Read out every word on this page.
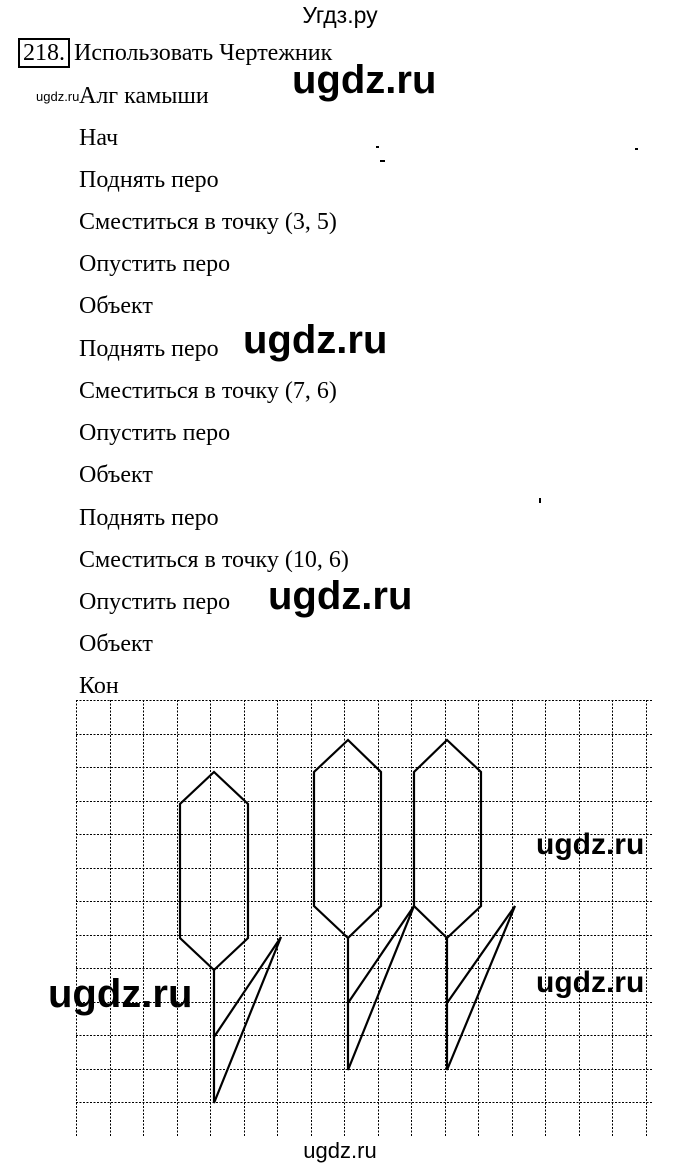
Угдз.ру
218. Использовать Чертежник
ugdz.ru Алг камыши
Нач
Поднять перо
Сместиться в точку (3, 5)
Опустить перо
Объект
Поднять перо
Сместиться в точку (7, 6)
Опустить перо
Объект
Поднять перо
Сместиться в точку (10, 6)
Опустить перо
Объект
Кон
ugdz.ru
ugdz.ru
ugdz.ru
ugdz.ru
ugdz.ru
ugdz.ru
ugdz.ru
